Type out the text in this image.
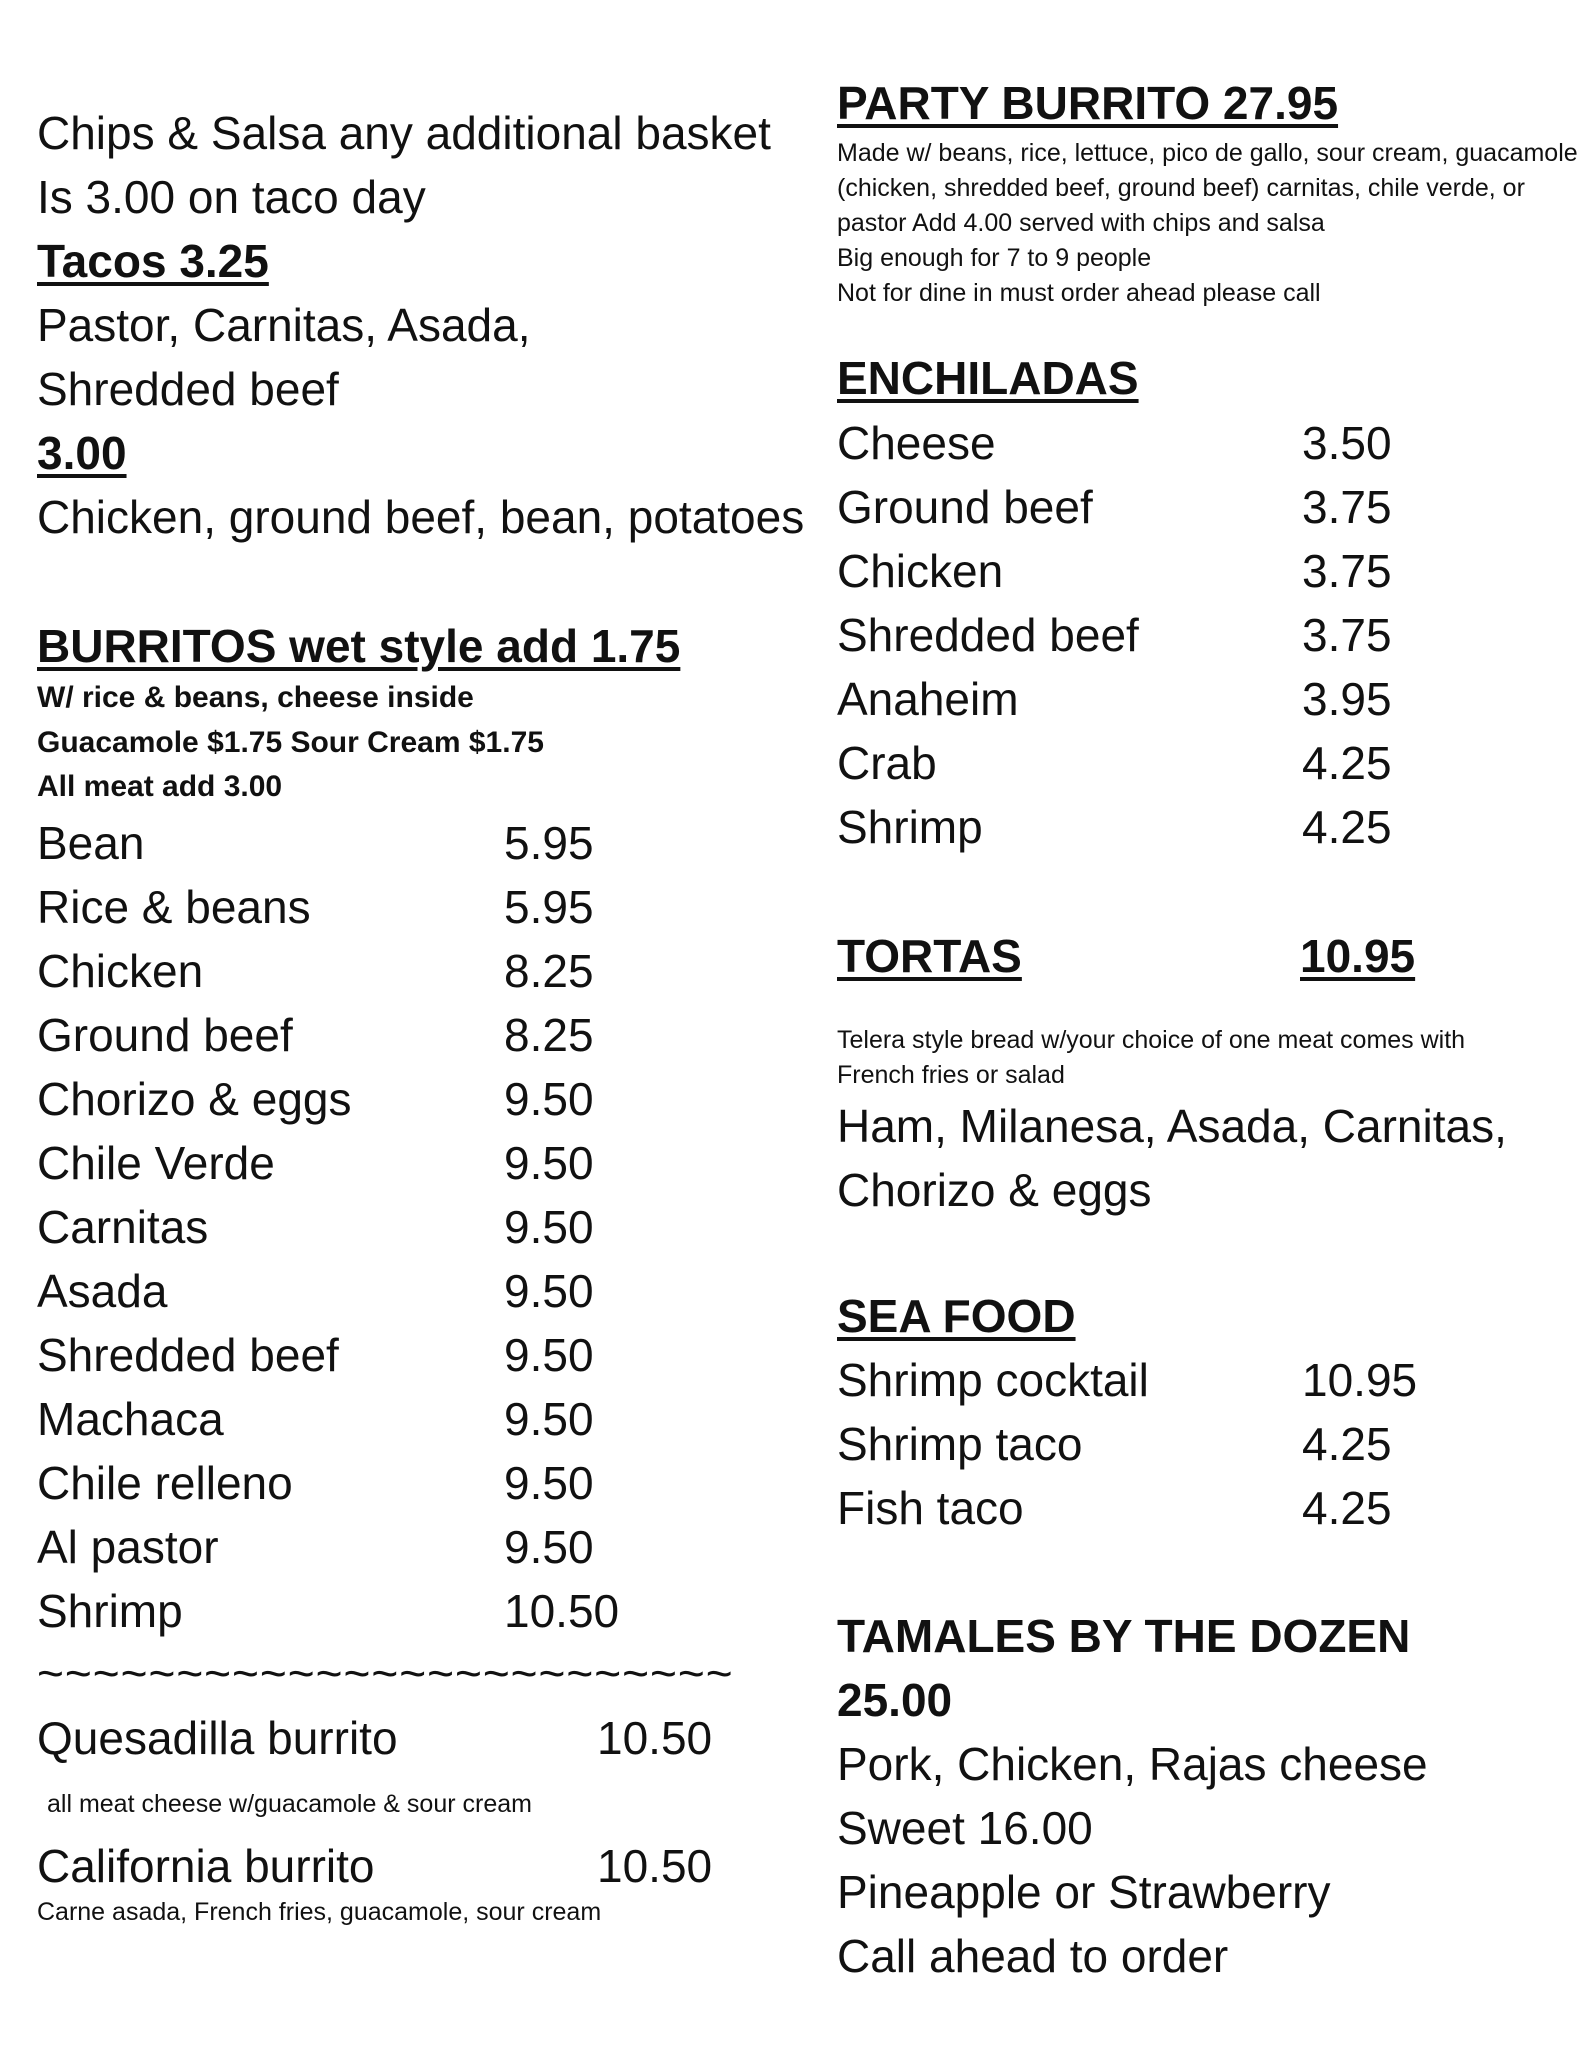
Chips & Salsa any additional basket
Is 3.00 on taco day
Tacos 3.25
Pastor, Carnitas, Asada,
Shredded beef
3.00
Chicken, ground beef, bean, potatoes
BURRITOS wet style add 1.75
W/ rice & beans, cheese inside
Guacamole $1.75 Sour Cream $1.75
All meat add 3.00
Bean	5.95
Rice & beans	5.95
Chicken	8.25
Ground beef	8.25
Chorizo & eggs	9.50
Chile Verde	9.50
Carnitas	9.50
Asada	9.50
Shredded beef	9.50
Machaca	9.50
Chile relleno	9.50
Al pastor	9.50
Shrimp	10.50
~~~~~~~~~~~~~~~~~~~~~~~~~
Quesadilla burrito	10.50
all meat cheese w/guacamole & sour cream
California burrito	10.50
Carne asada, French fries, guacamole, sour cream
PARTY BURRITO 27.95
Made w/ beans, rice, lettuce, pico de gallo, sour cream, guacamole
(chicken, shredded beef, ground beef) carnitas, chile verde, or
pastor Add 4.00 served with chips and salsa
Big enough for 7 to 9 people
Not for dine in must order ahead please call
ENCHILADAS
Cheese	3.50
Ground beef	3.75
Chicken	3.75
Shredded beef	3.75
Anaheim	3.95
Crab	4.25
Shrimp	4.25
TORTAS	10.95
Telera style bread w/your choice of one meat comes with
French fries or salad
Ham, Milanesa, Asada, Carnitas,
Chorizo & eggs
SEA FOOD
Shrimp cocktail	10.95
Shrimp taco	4.25
Fish taco	4.25
TAMALES BY THE DOZEN
25.00
Pork, Chicken, Rajas cheese
Sweet 16.00
Pineapple or Strawberry
Call ahead to order
